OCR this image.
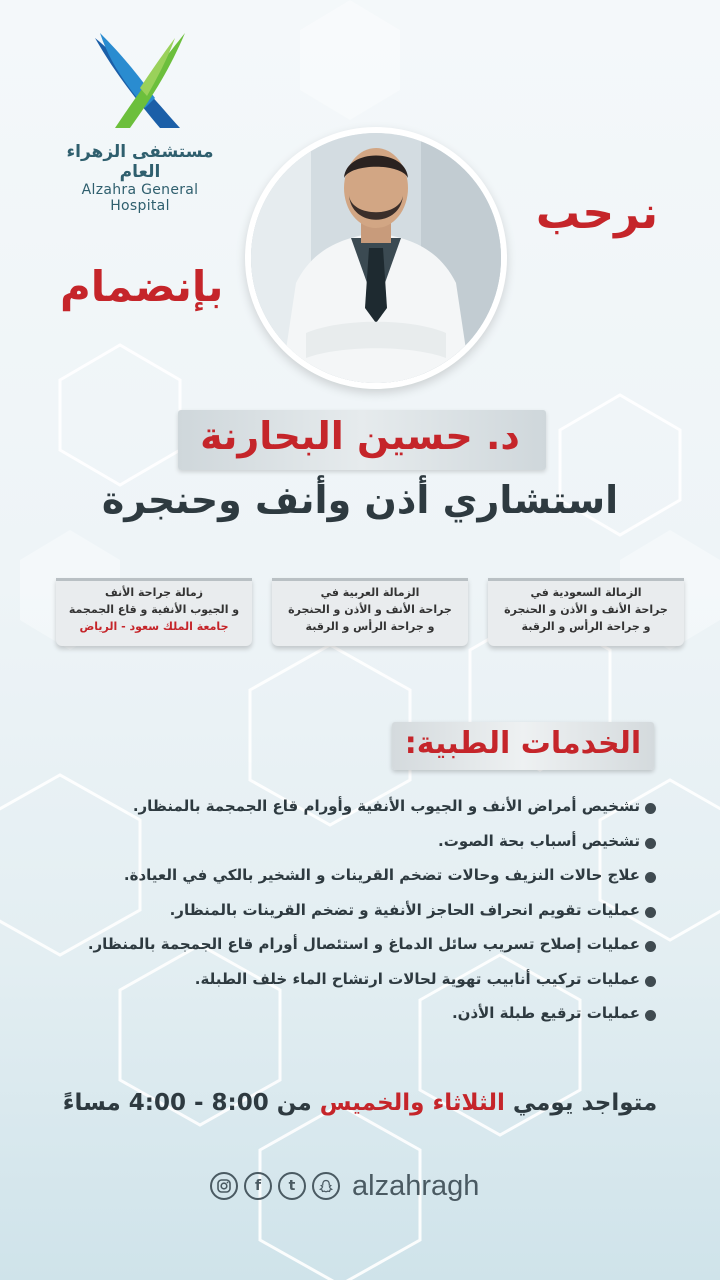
مستشفى الزهراء العام
Alzahra General Hospital	نرحب
بإنضمام
د. حسين البحارنة
استشاري أذن وأنف وحنجرة
الزمالة السعودية في
جراحة الأنف و الأذن و الحنجرة
و جراحة الرأس و الرقبة
الزمالة العربية في
جراحة الأنف و الأذن و الحنجرة
و جراحة الرأس و الرقبة
زمالة جراحة الأنف
و الجيوب الأنفية و قاع الجمجمة
جامعة الملك سعود - الرياض
الخدمات الطبية:
تشخيص أمراض الأنف و الجيوب الأنفية وأورام قاع الجمجمة بالمنظار.
تشخيص أسباب بحة الصوت.
علاج حالات النزيف وحالات تضخم القرينات و الشخير بالكي في العيادة.
عمليات تقويم انحراف الحاجز الأنفية و تضخم القرينات بالمنظار.
عمليات إصلاح تسريب سائل الدماغ و استئصال أورام قاع الجمجمة بالمنظار.
عمليات تركيب أنابيب تهوية لحالات ارتشاح الماء خلف الطبلة.
عمليات ترقيع طبلة الأذن.
متواجد يومي الثلاثاء والخميس من 4:00 - 8:00 مساءً
f	t	alzahragh
